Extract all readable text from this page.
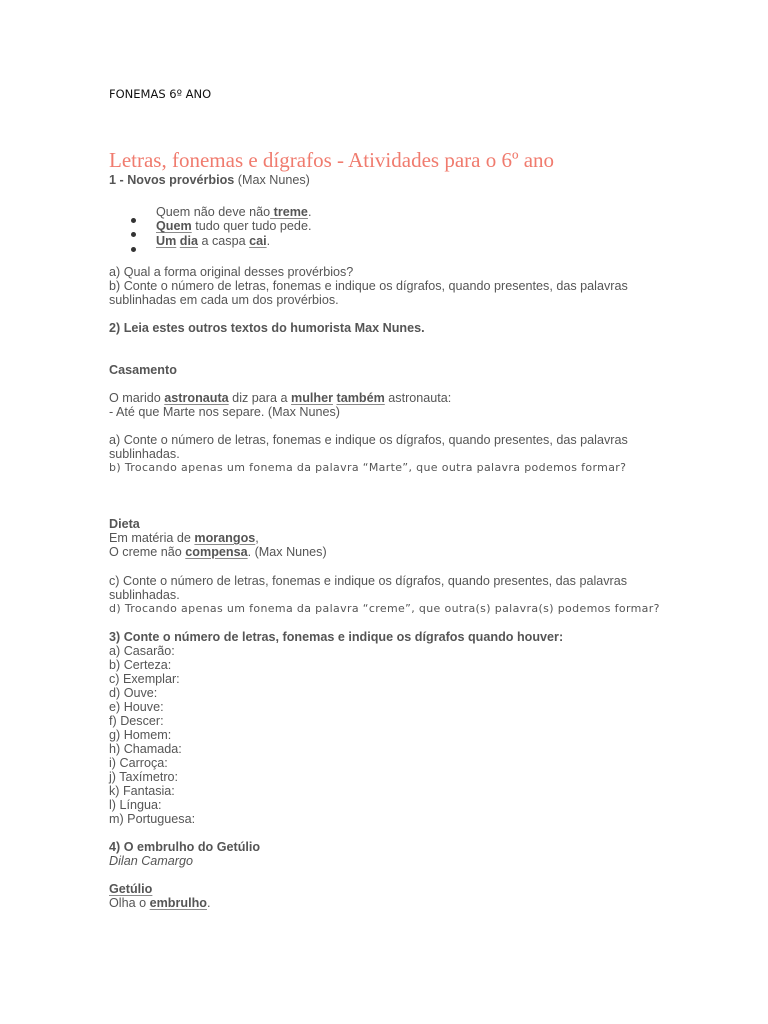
FONEMAS 6º ANO
Letras, fonemas e dígrafos - Atividades para o 6º ano
1 - Novos provérbios (Max Nunes)
Quem não deve não treme.
Quem tudo quer tudo pede.
Um dia a caspa cai.
a) Qual a forma original desses provérbios?
b) Conte o número de letras, fonemas e indique os dígrafos, quando presentes, das palavras
sublinhadas em cada um dos provérbios.
2) Leia estes outros textos do humorista Max Nunes.
Casamento
O marido astronauta diz para a mulher também astronauta:
- Até que Marte nos separe. (Max Nunes)
a) Conte o número de letras, fonemas e indique os dígrafos, quando presentes, das palavras
sublinhadas.
b) Trocando apenas um fonema da palavra “Marte”, que outra palavra podemos formar?
Dieta
Em matéria de morangos,
O creme não compensa. (Max Nunes)
c) Conte o número de letras, fonemas e indique os dígrafos, quando presentes, das palavras
sublinhadas.
d) Trocando apenas um fonema da palavra “creme”, que outra(s) palavra(s) podemos formar?
3) Conte o número de letras, fonemas e indique os dígrafos quando houver:
a) Casarão:
b) Certeza:
c) Exemplar:
d) Ouve:
e) Houve:
f) Descer:
g) Homem:
h) Chamada:
i) Carroça:
j) Taxímetro:
k) Fantasia:
l) Língua:
m) Portuguesa:
4) O embrulho do Getúlio
Dilan Camargo
Getúlio
Olha o embrulho.
